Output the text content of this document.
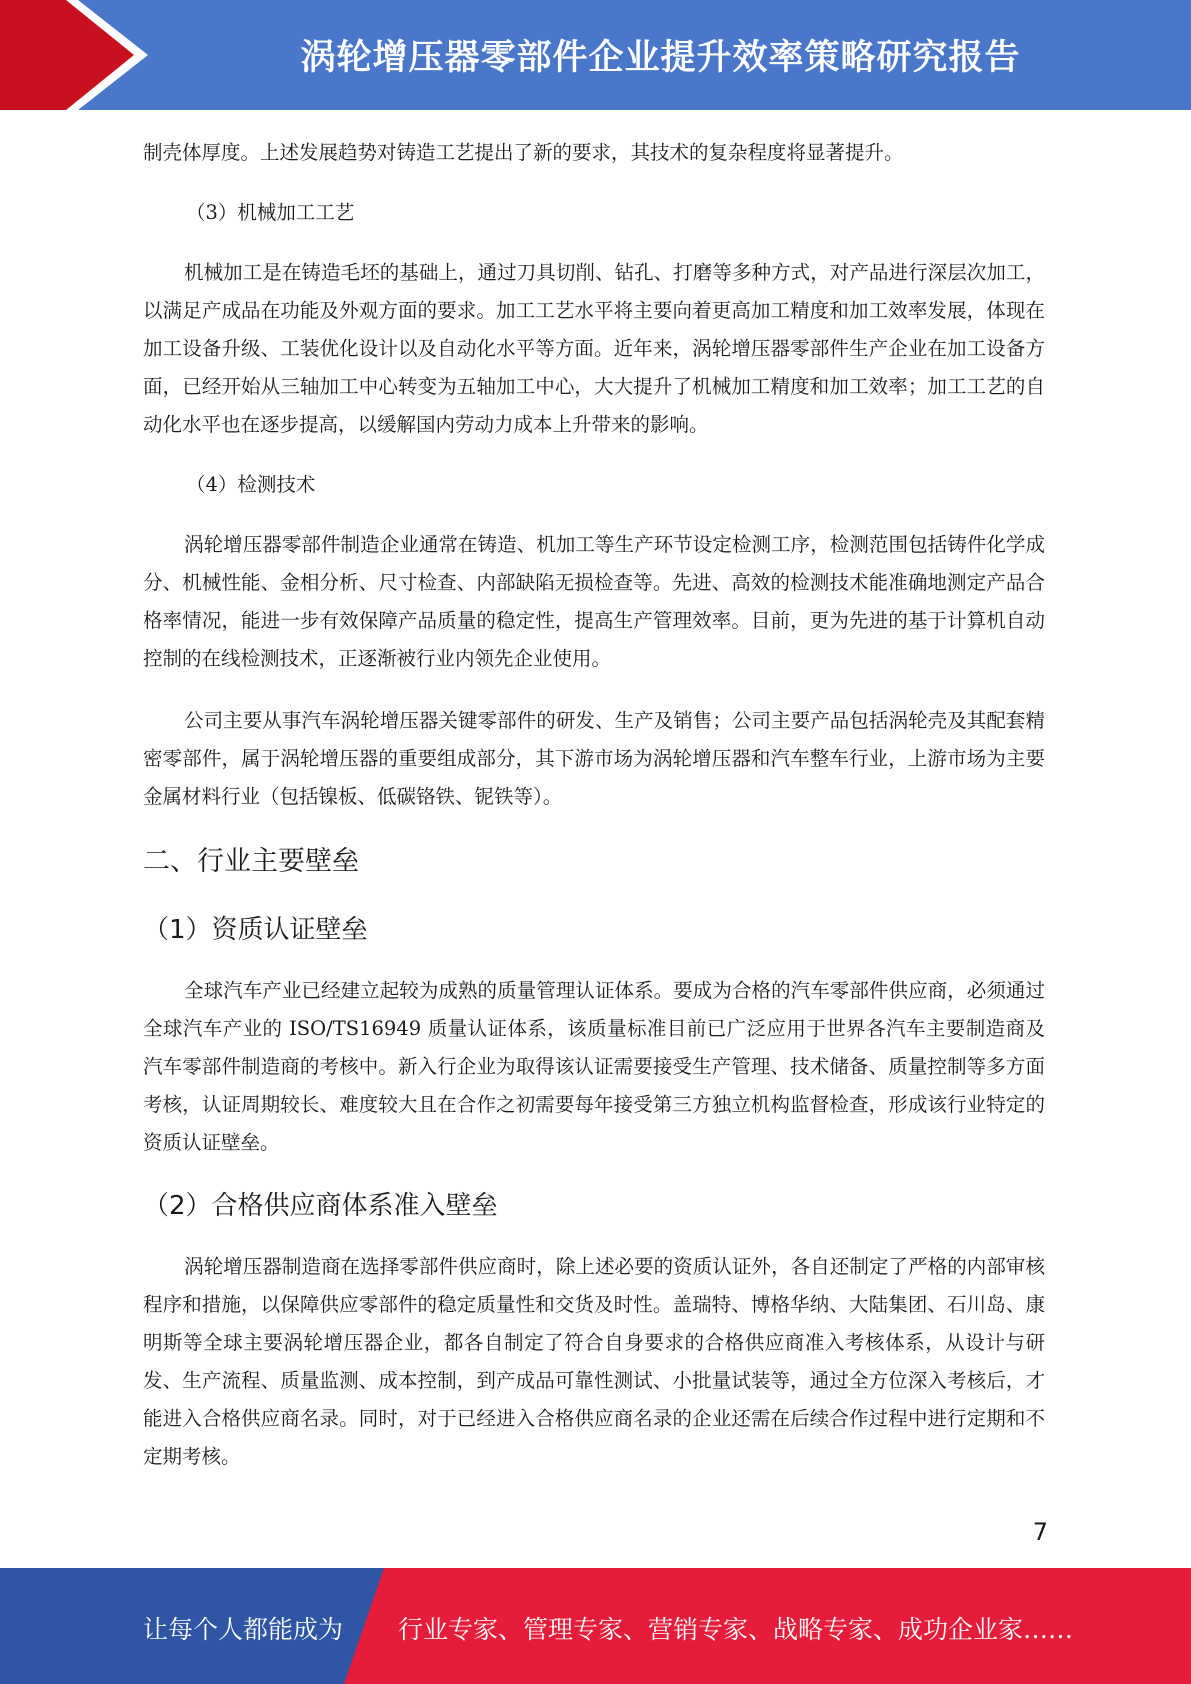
涡轮增压器零部件企业提升效率策略研究报告

制壳体厚度。上述发展趋势对铸造工艺提出了新的要求，其技术的复杂程度将显著提升。

（3）机械加工工艺

机械加工是在铸造毛坯的基础上，通过刀具切削、钻孔、打磨等多种方式，对产品进行深层次加工，以满足产成品在功能及外观方面的要求。加工工艺水平将主要向着更高加工精度和加工效率发展，体现在加工设备升级、工装优化设计以及自动化水平等方面。近年来，涡轮增压器零部件生产企业在加工设备方面，已经开始从三轴加工中心转变为五轴加工中心，大大提升了机械加工精度和加工效率；加工工艺的自动化水平也在逐步提高，以缓解国内劳动力成本上升带来的影响。

（4）检测技术

涡轮增压器零部件制造企业通常在铸造、机加工等生产环节设定检测工序，检测范围包括铸件化学成分、机械性能、金相分析、尺寸检查、内部缺陷无损检查等。先进、高效的检测技术能准确地测定产品合格率情况，能进一步有效保障产品质量的稳定性，提高生产管理效率。目前，更为先进的基于计算机自动控制的在线检测技术，正逐渐被行业内领先企业使用。

公司主要从事汽车涡轮增压器关键零部件的研发、生产及销售；公司主要产品包括涡轮壳及其配套精密零部件，属于涡轮增压器的重要组成部分，其下游市场为涡轮增压器和汽车整车行业，上游市场为主要金属材料行业（包括镍板、低碳铬铁、铌铁等）。

二、行业主要壁垒
（1）资质认证壁垒

全球汽车产业已经建立起较为成熟的质量管理认证体系。要成为合格的汽车零部件供应商，必须通过全球汽车产业的 ISO/TS16949 质量认证体系，该质量标准目前已广泛应用于世界各汽车主要制造商及汽车零部件制造商的考核中。新入行企业为取得该认证需要接受生产管理、技术储备、质量控制等多方面考核，认证周期较长、难度较大且在合作之初需要每年接受第三方独立机构监督检查，形成该行业特定的资质认证壁垒。

（2）合格供应商体系准入壁垒

涡轮增压器制造商在选择零部件供应商时，除上述必要的资质认证外，各自还制定了严格的内部审核程序和措施，以保障供应零部件的稳定质量性和交货及时性。盖瑞特、博格华纳、大陆集团、石川岛、康明斯等全球主要涡轮增压器企业，都各自制定了符合自身要求的合格供应商准入考核体系，从设计与研发、生产流程、质量监测、成本控制，到产成品可靠性测试、小批量试装等，通过全方位深入考核后，才能进入合格供应商名录。同时，对于已经进入合格供应商名录的企业还需在后续合作过程中进行定期和不定期考核。

7
让每个人都能成为 行业专家、管理专家、营销专家、战略专家、成功企业家……
